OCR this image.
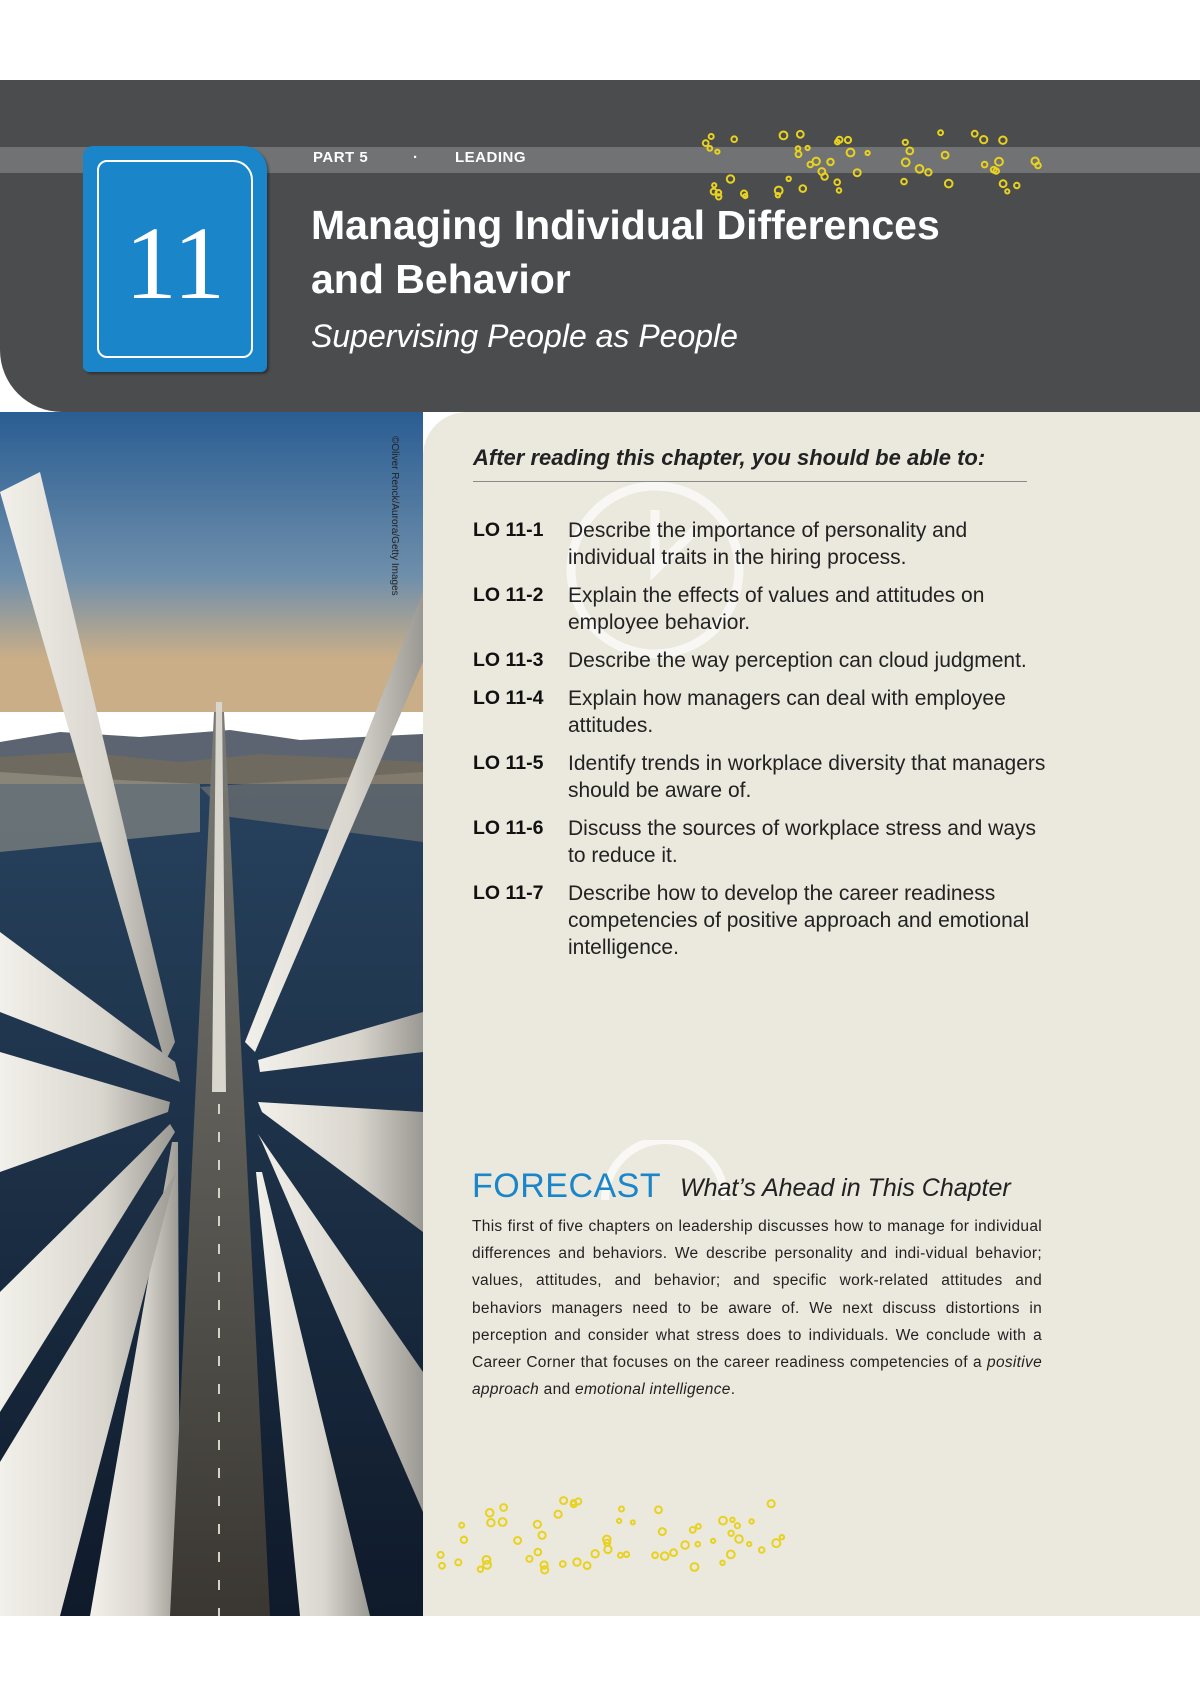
PART 5	· LEADING
11	Managing Individual Differences
and Behavior
Supervising People as People
©Oliver Renck/Aurora/Getty Images	After reading this chapter, you should be able to:
LO 11-1	Describe the importance of personality and individual traits in the hiring process.
LO 11-2	Explain the effects of values and attitudes on employee behavior.
LO 11-3	Describe the way perception can cloud judgment.
LO 11-4	Explain how managers can deal with employee attitudes.
LO 11-5	Identify trends in workplace diversity that managers should be aware of.
LO 11-6	Discuss the sources of workplace stress and ways to reduce it.
LO 11-7	Describe how to develop the career readiness competencies of positive approach and emotional intelligence.
FORECAST What’s Ahead in This Chapter
This first of five chapters on leadership discusses how to manage for individual differences and behaviors. We describe personality and indi-vidual behavior; values, attitudes, and behavior; and specific work-related attitudes and behaviors managers need to be aware of. We next discuss distortions in perception and consider what stress does to individuals. We conclude with a Career Corner that focuses on the career readiness competencies of a positive approach and emotional intelligence.
